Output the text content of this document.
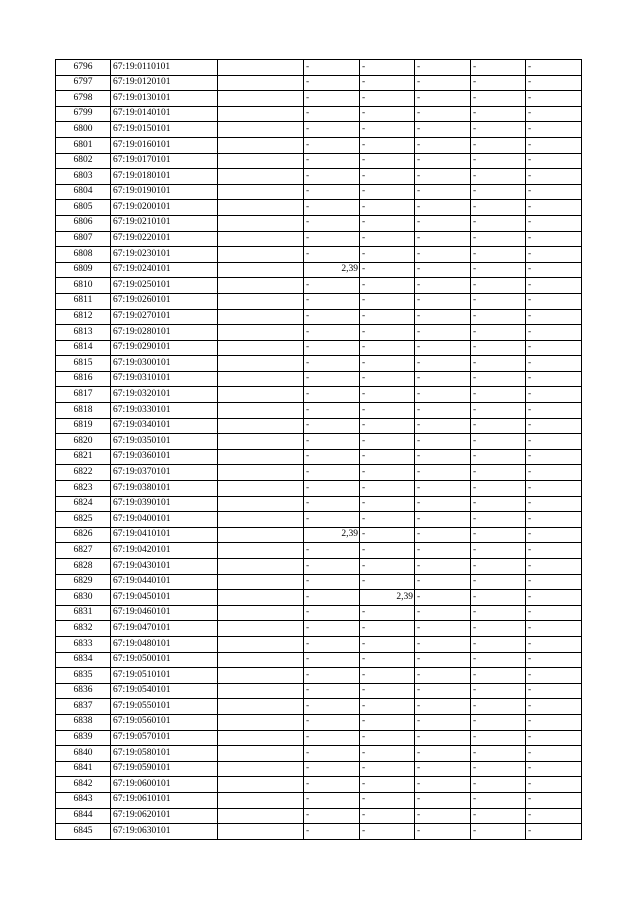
6796	67:19:0110101		-	-	-	-	-
6797	67:19:0120101		-	-	-	-	-
6798	67:19:0130101		-	-	-	-	-
6799	67:19:0140101		-	-	-	-	-
6800	67:19:0150101		-	-	-	-	-
6801	67:19:0160101		-	-	-	-	-
6802	67:19:0170101		-	-	-	-	-
6803	67:19:0180101		-	-	-	-	-
6804	67:19:0190101		-	-	-	-	-
6805	67:19:0200101		-	-	-	-	-
6806	67:19:0210101		-	-	-	-	-
6807	67:19:0220101		-	-	-	-	-
6808	67:19:0230101		-	-	-	-	-
6809	67:19:0240101		2,39	-	-	-	-
6810	67:19:0250101		-	-	-	-	-
6811	67:19:0260101		-	-	-	-	-
6812	67:19:0270101		-	-	-	-	-
6813	67:19:0280101		-	-	-	-	-
6814	67:19:0290101		-	-	-	-	-
6815	67:19:0300101		-	-	-	-	-
6816	67:19:0310101		-	-	-	-	-
6817	67:19:0320101		-	-	-	-	-
6818	67:19:0330101		-	-	-	-	-
6819	67:19:0340101		-	-	-	-	-
6820	67:19:0350101		-	-	-	-	-
6821	67:19:0360101		-	-	-	-	-
6822	67:19:0370101		-	-	-	-	-
6823	67:19:0380101		-	-	-	-	-
6824	67:19:0390101		-	-	-	-	-
6825	67:19:0400101		-	-	-	-	-
6826	67:19:0410101		2,39	-	-	-	-
6827	67:19:0420101		-	-	-	-	-
6828	67:19:0430101		-	-	-	-	-
6829	67:19:0440101		-	-	-	-	-
6830	67:19:0450101		-	2,39	-	-	-
6831	67:19:0460101		-	-	-	-	-
6832	67:19:0470101		-	-	-	-	-
6833	67:19:0480101		-	-	-	-	-
6834	67:19:0500101		-	-	-	-	-
6835	67:19:0510101		-	-	-	-	-
6836	67:19:0540101		-	-	-	-	-
6837	67:19:0550101		-	-	-	-	-
6838	67:19:0560101		-	-	-	-	-
6839	67:19:0570101		-	-	-	-	-
6840	67:19:0580101		-	-	-	-	-
6841	67:19:0590101		-	-	-	-	-
6842	67:19:0600101		-	-	-	-	-
6843	67:19:0610101		-	-	-	-	-
6844	67:19:0620101		-	-	-	-	-
6845	67:19:0630101		-	-	-	-	-
